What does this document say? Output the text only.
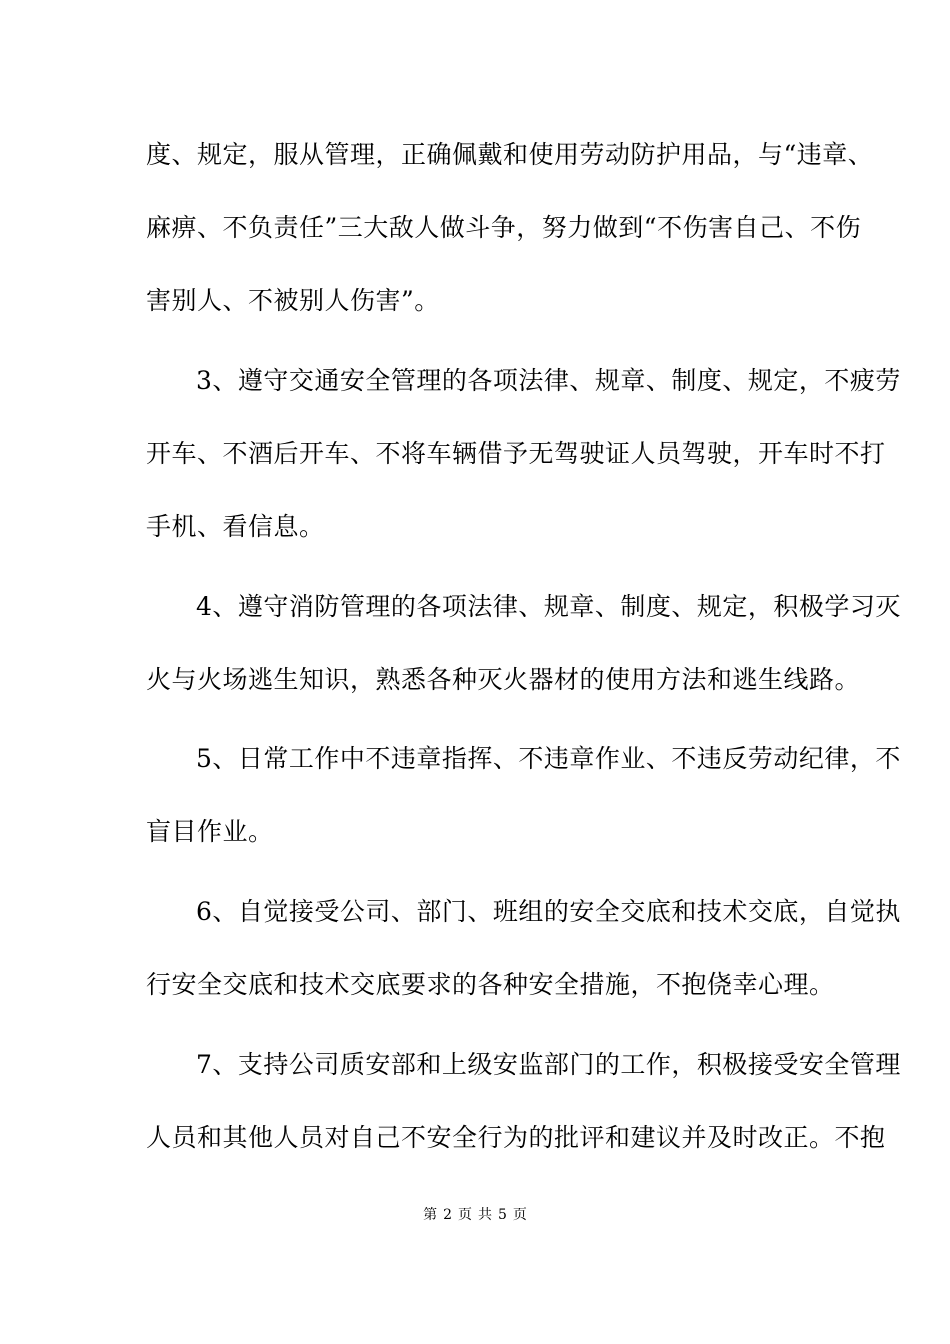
度、规定，服从管理，正确佩戴和使用劳动防护用品，与“违章、
麻痹、不负责任”三大敌人做斗争，努力做到“不伤害自己、不伤
害别人、不被别人伤害”。
3、遵守交通安全管理的各项法律、规章、制度、规定，不疲劳
开车、不酒后开车、不将车辆借予无驾驶证人员驾驶，开车时不打
手机、看信息。
4、遵守消防管理的各项法律、规章、制度、规定，积极学习灭
火与火场逃生知识，熟悉各种灭火器材的使用方法和逃生线路。
5、日常工作中不违章指挥、不违章作业、不违反劳动纪律，不
盲目作业。
6、自觉接受公司、部门、班组的安全交底和技术交底，自觉执
行安全交底和技术交底要求的各种安全措施，不抱侥幸心理。
7、支持公司质安部和上级安监部门的工作，积极接受安全管理
人员和其他人员对自己不安全行为的批评和建议并及时改正。不抱
第 2 页 共 5 页
